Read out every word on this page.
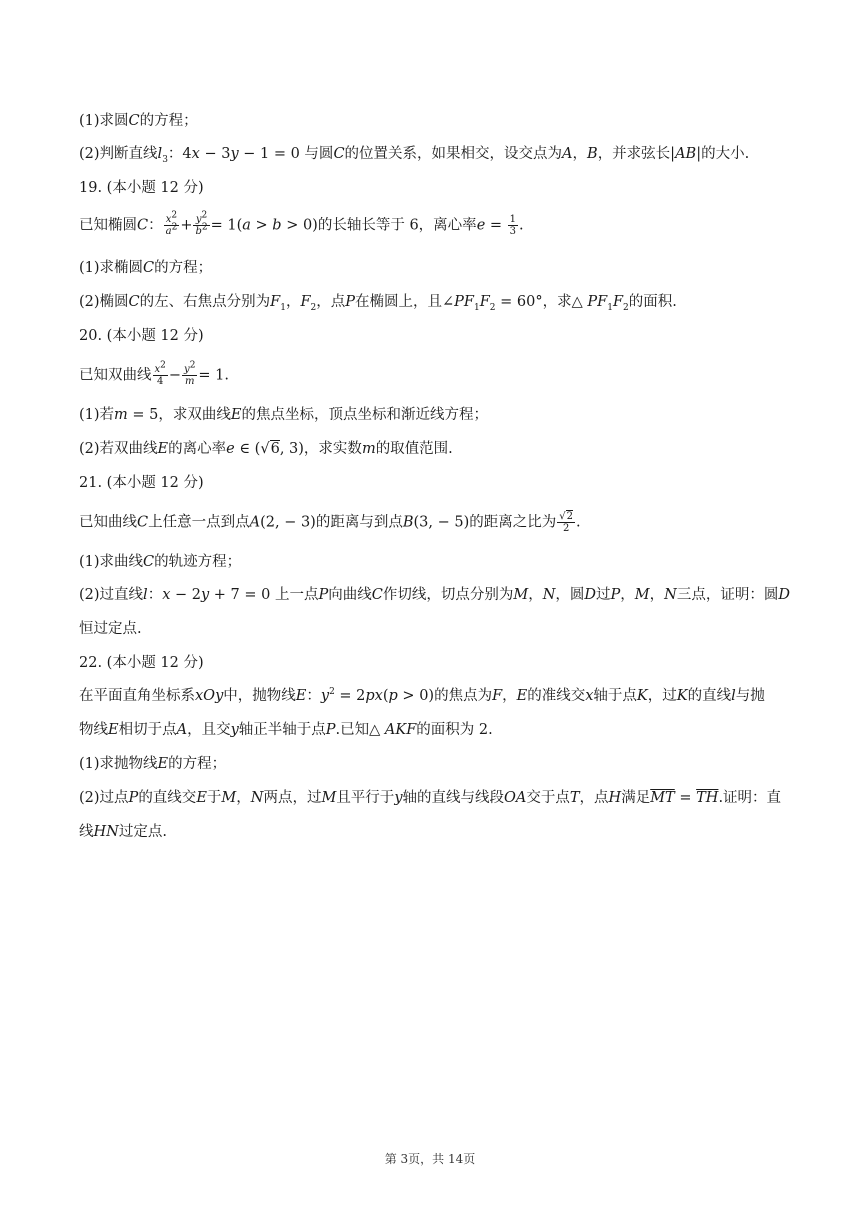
(1)求圆C的方程；
(2)判断直线$l_3$：4x − 3y − 1 = 0 与圆C的位置关系，如果相交，设交点为A，B，并求弦长|AB|的大小.
19. (本小题 12 分)
已知椭圆C： $\frac{x^2}{a^2} + \frac{y^2}{b^2} = 1(a > b > 0)$的长轴长等于 6，离心率$e = \frac{1}{3}$ .
(1)求椭圆C的方程；
(2)椭圆C的左、右焦点分别为$F_1$，$F_2$，点P在椭圆上，且$\angle PF_1F_2 = 60^\circ$，求△ $PF_1F_2$的面积.
20. (本小题 12 分)
已知双曲线 $\frac{x^2}{4} - \frac{y^2}{m} = 1$.
(1)若m = 5，求双曲线E的焦点坐标，顶点坐标和渐近线方程；
(2)若双曲线E的离心率e ∈ (√6, 3)，求实数m的取值范围.
21. (本小题 12 分)
已知曲线C上任意一点到点A(2, − 3)的距离与到点B(3, − 5)的距离之比为 $\frac{√2}{2}$ .
(1)求曲线C的轨迹方程；
(2)过直线l：x − 2y + 7 = 0 上一点P向曲线C作切线，切点分别为M，N，圆D过P，M，N三点，证明：圆D
恒过定点.
22. (本小题 12 分)
在平面直角坐标系xOy中，抛物线E：$y^2 = 2px(p > 0)$的焦点为F，E的准线交x轴于点K，过K的直线l与抛
物线E相切于点A，且交y轴正半轴于点P.已知△ AKF的面积为 2.
(1)求抛物线E的方程；
(2)过点P的直线交E于M，N两点，过M且平行于y轴的直线与线段OA交于点T，点H满足$\overline{MT} = \overline{TH}$.证明：直
线HN过定点.
第 3页，共 14页
